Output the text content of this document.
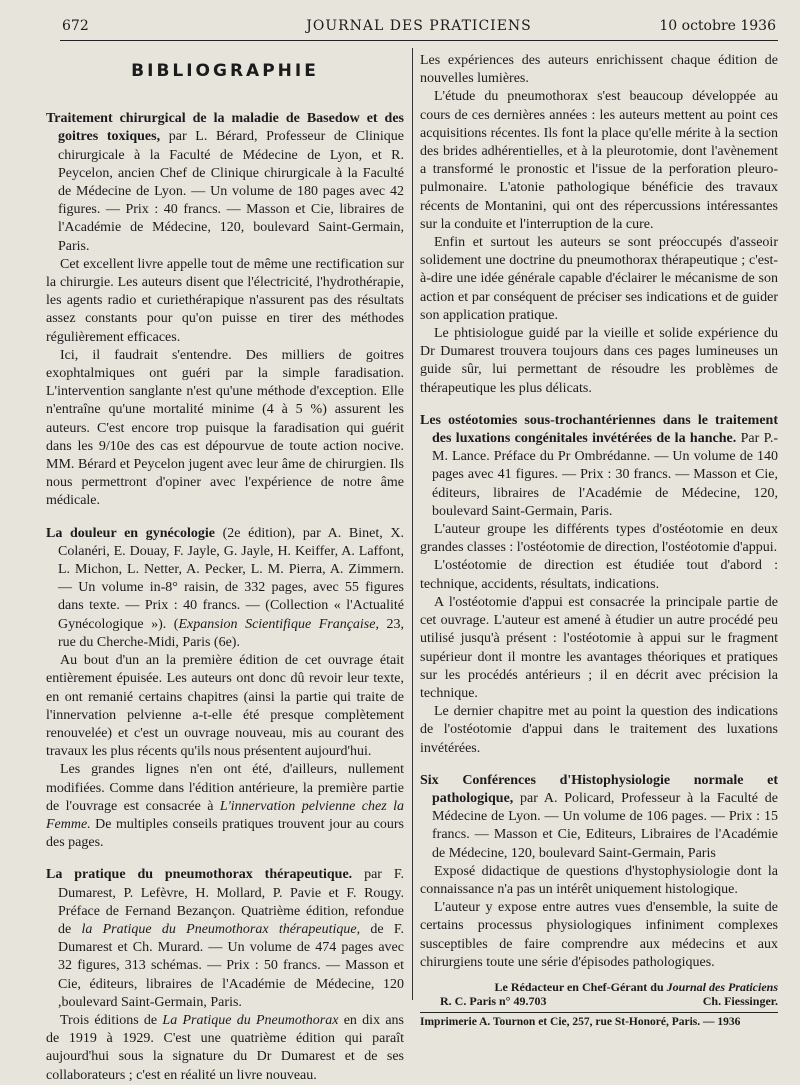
672	JOURNAL DES PRATICIENS	10 octobre 1936
BIBLIOGRAPHIE

Traitement chirurgical de la maladie de Basedow et des goitres toxiques, par L. Bérard, Professeur de Clinique chirurgicale à la Faculté de Médecine de Lyon, et R. Peycelon, ancien Chef de Clinique chirurgicale à la Faculté de Médecine de Lyon. — Un volume de 180 pages avec 42 figures. — Prix : 40 francs. — Masson et Cie, libraires de l'Académie de Médecine, 120, boulevard Saint-Germain, Paris.

Cet excellent livre appelle tout de même une rectification sur la chirurgie. Les auteurs disent que l'électricité, l'hydrothérapie, les agents radio et curiethérapique n'assurent pas des résultats assez constants pour qu'on puisse en tirer des méthodes régulièrement efficaces.

Ici, il faudrait s'entendre. Des milliers de goitres exophtalmiques ont guéri par la simple faradisation. L'intervention sanglante n'est qu'une méthode d'exception. Elle n'entraîne qu'une mortalité minime (4 à 5 %) assurent les auteurs. C'est encore trop puisque la faradisation qui guérit dans les 9/10e des cas est dépourvue de toute action nocive. MM. Bérard et Peycelon jugent avec leur âme de chirurgien. Ils nous permettront d'opiner avec l'expérience de notre âme médicale.

La douleur en gynécologie (2e édition), par A. Binet, X. Colanéri, E. Douay, F. Jayle, G. Jayle, H. Keiffer, A. Laffont, L. Michon, L. Netter, A. Pecker, L. M. Pierra, A. Zimmern. — Un volume in-8° raisin, de 332 pages, avec 55 figures dans texte. — Prix : 40 francs. — (Collection « l'Actualité Gynécologique »). (Expansion Scientifique Française, 23, rue du Cherche-Midi, Paris (6e).

Au bout d'un an la première édition de cet ouvrage était entièrement épuisée. Les auteurs ont donc dû revoir leur texte, en ont remanié certains chapitres (ainsi la partie qui traite de l'innervation pelvienne a-t-elle été presque complètement renouvelée) et c'est un ouvrage nouveau, mis au courant des travaux les plus récents qu'ils nous présentent aujourd'hui.

Les grandes lignes n'en ont été, d'ailleurs, nullement modifiées. Comme dans l'édition antérieure, la première partie de l'ouvrage est consacrée à L'innervation pelvienne chez la Femme. De multiples conseils pratiques trouvent jour au cours des pages.

La pratique du pneumothorax thérapeutique. par F. Dumarest, P. Lefèvre, H. Mollard, P. Pavie et F. Rougy. Préface de Fernand Bezançon. Quatrième édition, refondue de la Pratique du Pneumothorax thérapeutique, de F. Dumarest et Ch. Murard. — Un volume de 474 pages avec 32 figures, 313 schémas. — Prix : 50 francs. — Masson et Cie, éditeurs, libraires de l'Académie de Médecine, 120 ,boulevard Saint-Germain, Paris.

Trois éditions de La Pratique du Pneumothorax en dix ans de 1919 à 1929. C'est une quatrième édition qui paraît aujourd'hui sous la signature du Dr Dumarest et de ses collaborateurs ; c'est en réalité un livre nouveau.

Les expériences des auteurs enrichissent chaque édition de nouvelles lumières.

L'étude du pneumothorax s'est beaucoup développée au cours de ces dernières années : les auteurs mettent au point ces acquisitions récentes. Ils font la place qu'elle mérite à la section des brides adhérentielles, et à la pleurotomie, dont l'avènement a transformé le pronostic et l'issue de la perforation pleuro-pulmonaire. L'atonie pathologique bénéficie des travaux récents de Montanini, qui ont des répercussions intéressantes sur la conduite et l'interruption de la cure.

Enfin et surtout les auteurs se sont préoccupés d'asseoir solidement une doctrine du pneumothorax thérapeutique ; c'est-à-dire une idée générale capable d'éclairer le mécanisme de son action et par conséquent de préciser ses indications et de guider son application pratique.

Le phtisiologue guidé par la vieille et solide expérience du Dr Dumarest trouvera toujours dans ces pages lumineuses un guide sûr, lui permettant de résoudre les problèmes de thérapeutique les plus délicats.

Les ostéotomies sous-trochantériennes dans le traitement des luxations congénitales invétérées de la hanche. Par P.-M. Lance. Préface du Pr Ombrédanne. — Un volume de 140 pages avec 41 figures. — Prix : 30 francs. — Masson et Cie, éditeurs, libraires de l'Académie de Médecine, 120, boulevard Saint-Germain, Paris.

L'auteur groupe les différents types d'ostéotomie en deux grandes classes : l'ostéotomie de direction, l'ostéotomie d'appui.

L'ostéotomie de direction est étudiée tout d'abord : technique, accidents, résultats, indications.

A l'ostéotomie d'appui est consacrée la principale partie de cet ouvrage. L'auteur est amené à étudier un autre procédé peu utilisé jusqu'à présent : l'ostéotomie à appui sur le fragment supérieur dont il montre les avantages théoriques et pratiques sur les procédés antérieurs ; il en décrit avec précision la technique.

Le dernier chapitre met au point la question des indications de l'ostéotomie d'appui dans le traitement des luxations invétérées.

Six Conférences d'Histophysiologie normale et pathologique, par A. Policard, Professeur à la Faculté de Médecine de Lyon. — Un volume de 106 pages. — Prix : 15 francs. — Masson et Cie, Editeurs, Libraires de l'Académie de Médecine, 120, boulevard Saint-Germain, Paris

Exposé didactique de questions d'hystophysiologie dont la connaissance n'a pas un intérêt uniquement histologique.

L'auteur y expose entre autres vues d'ensemble, la suite de certains processus physiologiques infiniment complexes susceptibles de faire comprendre aux médecins et aux chirurgiens toute une série d'épisodes pathologiques.

Le Rédacteur en Chef-Gérant du Journal des Praticiens
R. C. Paris n° 49.703	Ch. Fiessinger.
Imprimerie A. Tournon et Cie, 257, rue St-Honoré, Paris. — 1936
